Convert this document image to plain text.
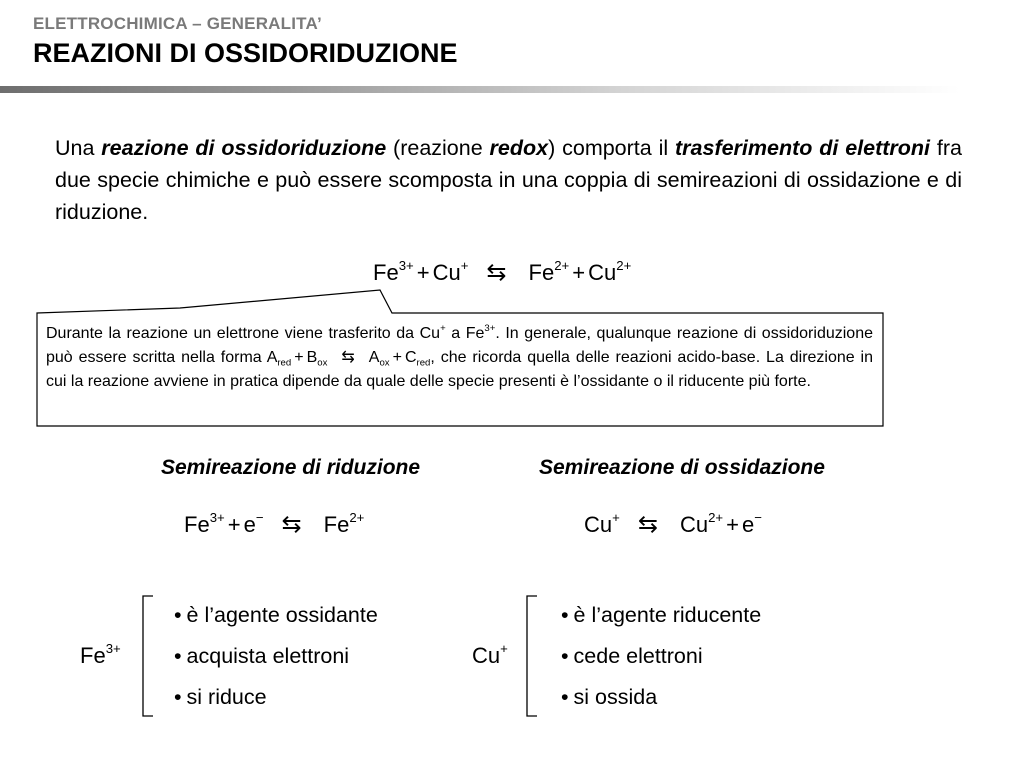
ELETTROCHIMICA – GENERALITA’
REAZIONI DI OSSIDORIDUZIONE
Una reazione di ossidoriduzione (reazione redox) comporta il trasferimento di elettroni fra due specie chimiche e può essere scomposta in una coppia di semireazioni di ossidazione e di riduzione.
$Fe^{3+} + Cu^+$ ⇆ $Fe^{2+} + Cu^{2+}$
Durante la reazione un elettrone viene trasferito da Cu+ a $Fe^{3+}$. In generale, qualunque reazione di ossidoriduzione può essere scritta nella forma $A_{red} + B_{ox}$ ⇆ $A_{ox} + C_{red}$, che ricorda quella delle reazioni acido-base. La direzione in cui la reazione avviene in pratica dipende da quale delle specie presenti è l’ossidante o il riducente più forte.
Semireazione di riduzione	Semireazione di ossidazione
$Fe^{3+} + e^-$ ⇆ $Fe^{2+}$	Cu+ ⇆ $Cu^{2+} + e^-$
$Fe^{3+}$	Cu+
• è l’agente ossidante
• acquista elettroni
• si riduce
• è l’agente riducente
• cede elettroni
• si ossida
